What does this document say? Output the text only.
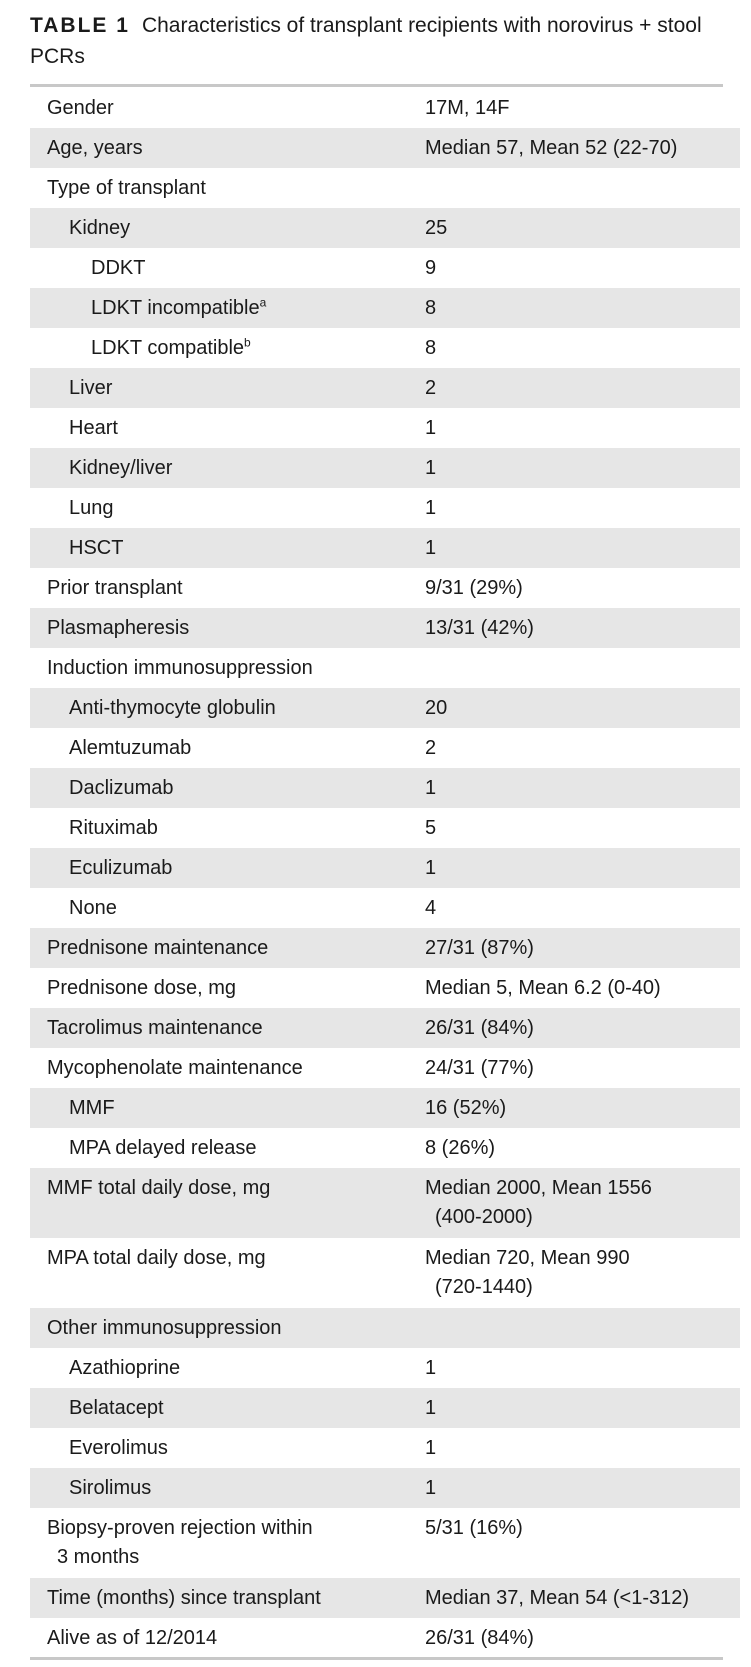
TABLE 1 Characteristics of transplant recipients with norovirus + stool PCRs
Gender	17M, 14F
Age, years	Median 57, Mean 52 (22-70)
Type of transplant	
Kidney	25
DDKT	9
LDKT incompatible$^a$	8
LDKT compatible$^b$	8
Liver	2
Heart	1
Kidney/liver	1
Lung	1
HSCT	1
Prior transplant	9/31 (29%)
Plasmapheresis	13/31 (42%)
Induction immunosuppression	
Anti-thymocyte globulin	20
Alemtuzumab	2
Daclizumab	1
Rituximab	5
Eculizumab	1
None	4
Prednisone maintenance	27/31 (87%)
Prednisone dose, mg	Median 5, Mean 6.2 (0-40)
Tacrolimus maintenance	26/31 (84%)
Mycophenolate maintenance	24/31 (77%)
MMF	16 (52%)
MPA delayed release	8 (26%)
MMF total daily dose, mg	Median 2000, Mean 1556
(400-2000)

MPA total daily dose, mg	Median 720, Mean 990
(720-1440)

Other immunosuppression	
Azathioprine	1
Belatacept	1
Everolimus	1
Sirolimus	1

Biopsy-proven rejection within
3 months	5/31 (16%)
Time (months) since transplant	Median 37, Mean 54 (<1-312)
Alive as of 12/2014	26/31 (84%)
